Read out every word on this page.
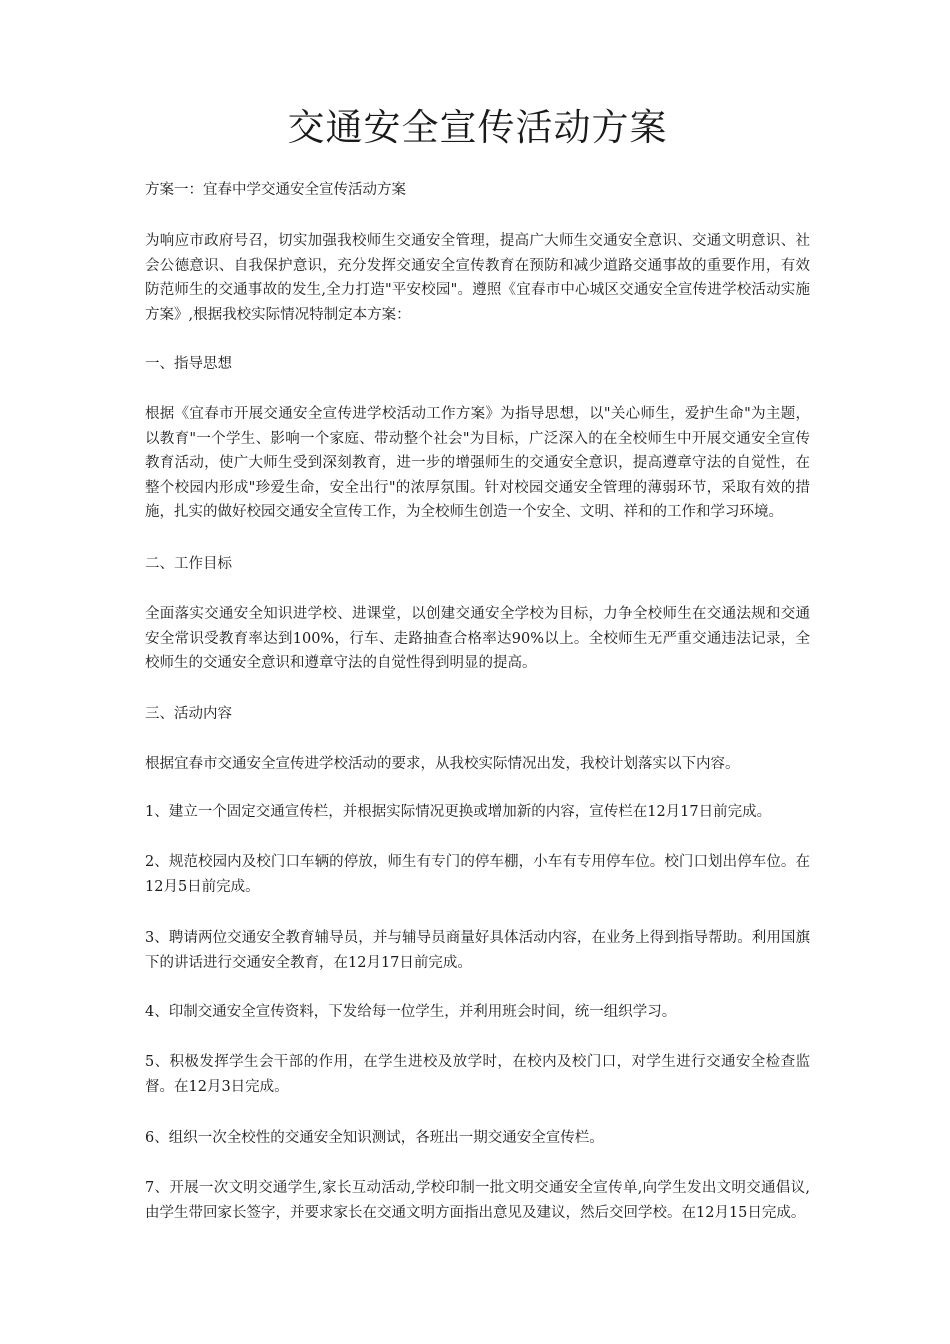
交通安全宣传活动方案

方案一：宜春中学交通安全宣传活动方案

为响应市政府号召，切实加强我校师生交通安全管理，提高广大师生交通安全意识、交通文明意识、社会公德意识、自我保护意识，充分发挥交通安全宣传教育在预防和减少道路交通事故的重要作用，有效防范师生的交通事故的发生,全力打造"平安校园"。遵照《宜春市中心城区交通安全宣传进学校活动实施方案》,根据我校实际情况特制定本方案：

一、指导思想

根据《宜春市开展交通安全宣传进学校活动工作方案》为指导思想，以"关心师生，爱护生命"为主题，以教育"一个学生、影响一个家庭、带动整个社会"为目标，广泛深入的在全校师生中开展交通安全宣传教育活动，使广大师生受到深刻教育，进一步的增强师生的交通安全意识，提高遵章守法的自觉性，在整个校园内形成"珍爱生命，安全出行"的浓厚氛围。针对校园交通安全管理的薄弱环节，采取有效的措施，扎实的做好校园交通安全宣传工作，为全校师生创造一个安全、文明、祥和的工作和学习环境。

二、工作目标

全面落实交通安全知识进学校、进课堂，以创建交通安全学校为目标，力争全校师生在交通法规和交通安全常识受教育率达到100%，行车、走路抽查合格率达90%以上。全校师生无严重交通违法记录，全校师生的交通安全意识和遵章守法的自觉性得到明显的提高。

三、活动内容

根据宜春市交通安全宣传进学校活动的要求，从我校实际情况出发，我校计划落实以下内容。

1、建立一个固定交通宣传栏，并根据实际情况更换或增加新的内容，宣传栏在12月17日前完成。

2、规范校园内及校门口车辆的停放，师生有专门的停车棚，小车有专用停车位。校门口划出停车位。在12月5日前完成。

3、聘请两位交通安全教育辅导员，并与辅导员商量好具体活动内容，在业务上得到指导帮助。利用国旗下的讲话进行交通安全教育，在12月17日前完成。

4、印制交通安全宣传资料，下发给每一位学生，并利用班会时间，统一组织学习。

5、积极发挥学生会干部的作用，在学生进校及放学时，在校内及校门口，对学生进行交通安全检查监督。在12月3日完成。

6、组织一次全校性的交通安全知识测试，各班出一期交通安全宣传栏。

7、开展一次文明交通学生,家长互动活动,学校印制一批文明交通安全宣传单,向学生发出文明交通倡议,由学生带回家长签字，并要求家长在交通文明方面指出意见及建议，然后交回学校。在12月15日完成。
